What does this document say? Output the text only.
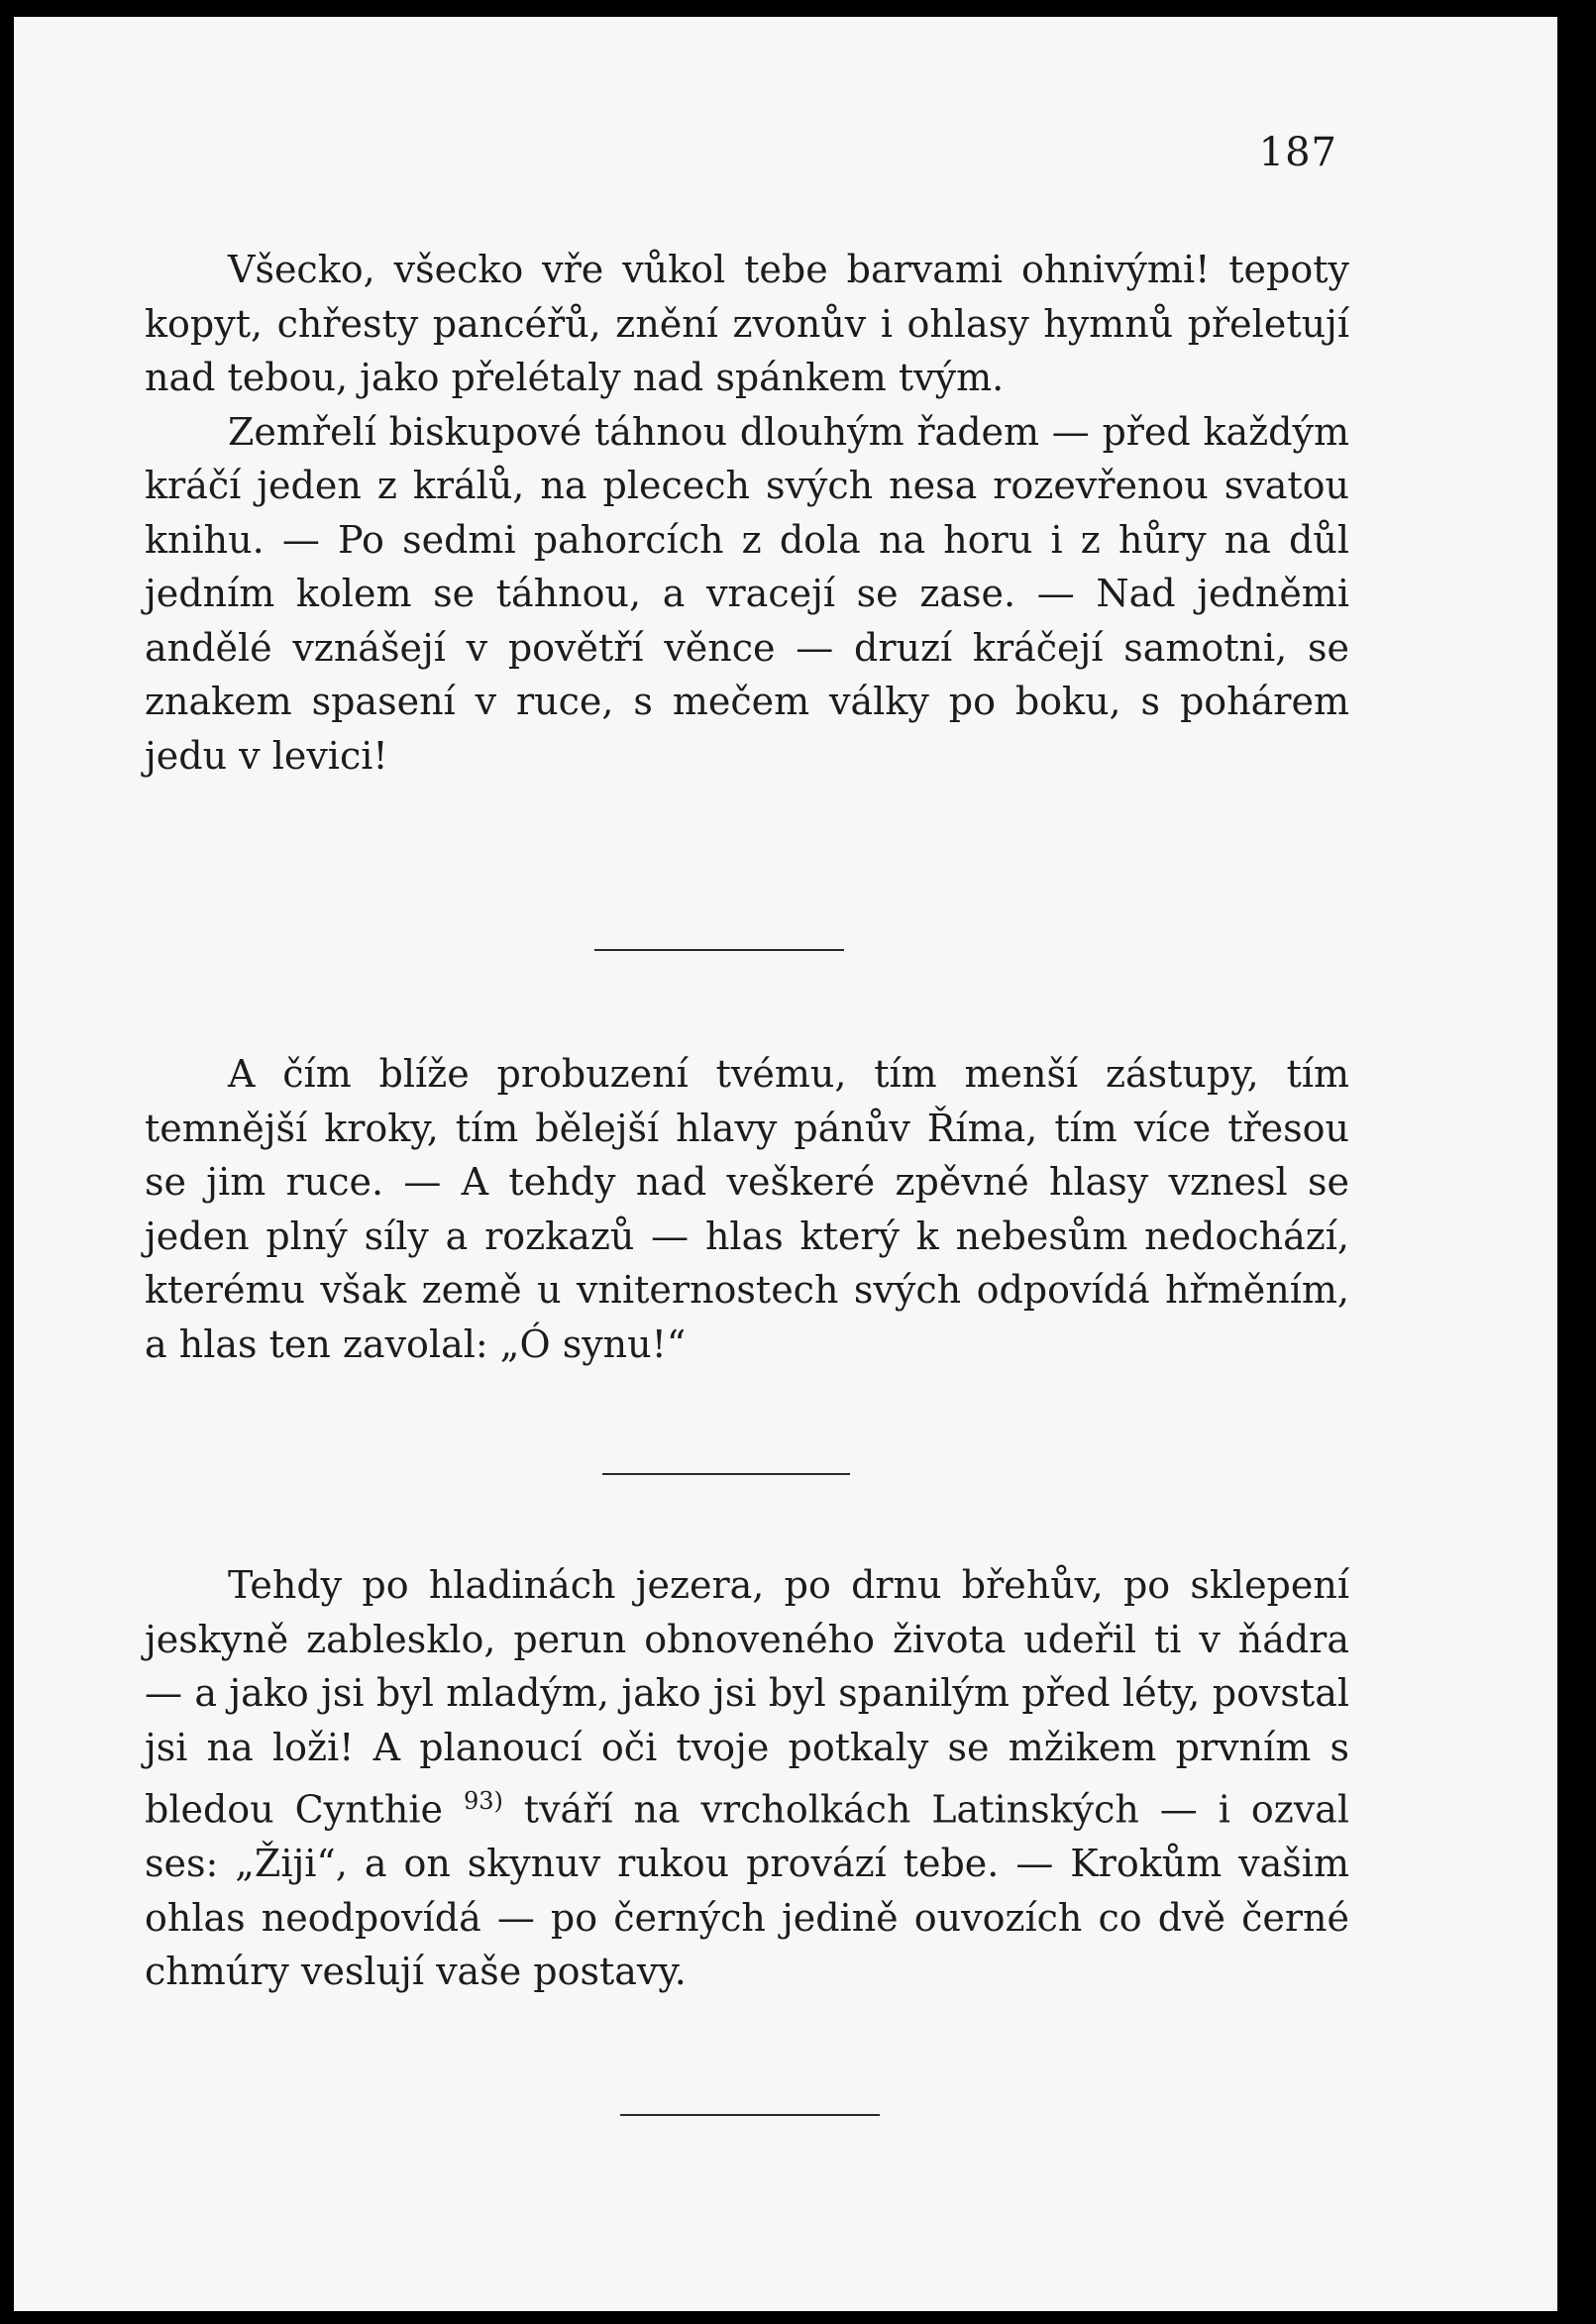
187

Všecko, všecko vře vůkol tebe barvami ohnivými! tepoty kopyt, chřesty pancéřů, znění zvonův i ohlasy hymnů přeletují nad tebou, jako přelétaly nad spánkem tvým.

Zemřelí biskupové táhnou dlouhým řadem — před každým kráčí jeden z králů, na plecech svých nesa rozevřenou svatou knihu. — Po sedmi pahorcích z dola na horu i z hůry na důl jedním kolem se táhnou, a vracejí se zase. — Nad jedněmi andělé vznášejí v povětří věnce — druzí kráčejí samotni, se znakem spasení v ruce, s mečem války po boku, s pohárem jedu v levici!

A čím blíže probuzení tvému, tím menší zástupy, tím temnější kroky, tím bělejší hlavy pánův Říma, tím více třesou se jim ruce. — A tehdy nad veškeré zpěvné hlasy vznesl se jeden plný síly a rozkazů — hlas který k nebesům nedochází, kterému však země u vniternostech svých odpovídá hřměním, a hlas ten zavolal: „Ó synu!“

Tehdy po hladinách jezera, po drnu břehův, po sklepení jeskyně zablesklo, perun obnoveného života udeřil ti v ňádra — a jako jsi byl mladým, jako jsi byl spanilým před léty, povstal jsi na loži! A planoucí oči tvoje potkaly se mžikem prvním s bledou Cynthie $^{93)}$ tváří na vrcholkách Latinských — i ozval ses: „Žiji“, a on skynuv rukou provází tebe. — Krokům vašim ohlas neodpovídá — po černých jedině ouvozích co dvě černé chmúry veslují vaše postavy.
